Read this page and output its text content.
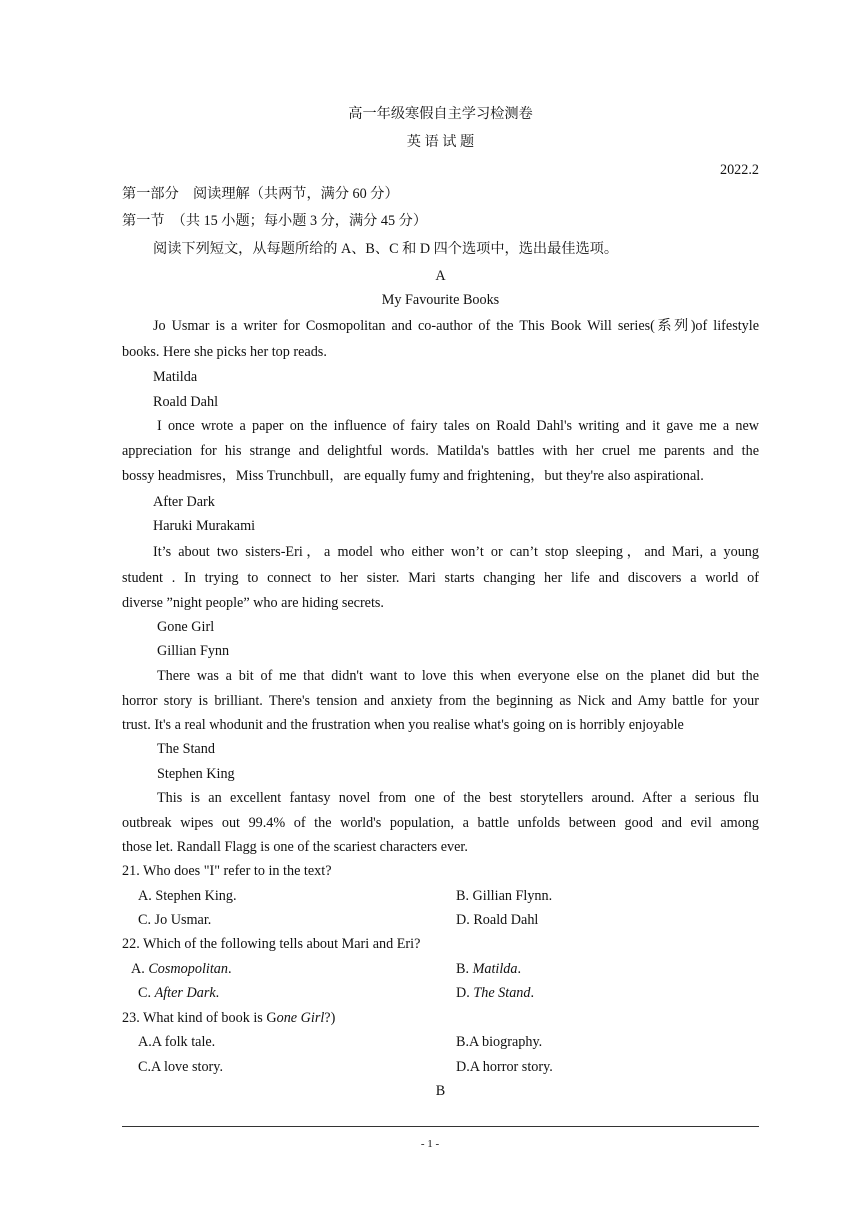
高一年级寒假自主学习检测卷
英 语 试 题
2022.2
第一部分　阅读理解（共两节，满分 60 分）
第一节　（共 15 小题；每小题 3 分，满分 45 分）
阅读下列短文，从每题所给的 A、B、C 和 D 四个选项中，选出最佳选项。
A
My Favourite Books
Jo Usmar is a writer for Cosmopolitan and co-author of the This Book Will series(系列)of lifestyle
books. Here she picks her top reads.
Matilda
Roald Dahl
I once wrote a paper on the influence of fairy tales on Roald Dahl's writing and it gave me a new
appreciation for his strange and delightful words. Matilda's battles with her cruel me parents and the
bossy headmisres，Miss Trunchbull，are equally fumy and frightening，but they're also aspirational.
After Dark
Haruki Murakami
It’s about two sisters-Eri，a model who either won’t or can’t stop sleeping，and Mari, a young
student . In trying to connect to her sister. Mari starts changing her life and discovers a world of
diverse ”night people” who are hiding secrets.
Gone Girl
Gillian Fynn
There was a bit of me that didn't want to love this when everyone else on the planet did but the
horror story is brilliant. There's tension and anxiety from the beginning as Nick and Amy battle for your
trust. It's a real whodunit and the frustration when you realise what's going on is horribly enjoyable
The Stand
Stephen King
This is an excellent fantasy novel from one of the best storytellers around. After a serious flu
outbreak wipes out 99.4% of the world's population, a battle unfolds between good and evil among
those let. Randall Flagg is one of the scariest characters ever.
21. Who does "I" refer to in the text?
A. Stephen King.	B. Gillian Flynn.
C. Jo Usmar.	D. Roald Dahl
22. Which of the following tells about Mari and Eri?
A. Cosmopolitan.	B. Matilda.
C. After Dark.	D. The Stand.
23. What kind of book is Gone Girl?)
A.A folk tale.	B.A biography.
C.A love story.	D.A horror story.
B
- 1 -
